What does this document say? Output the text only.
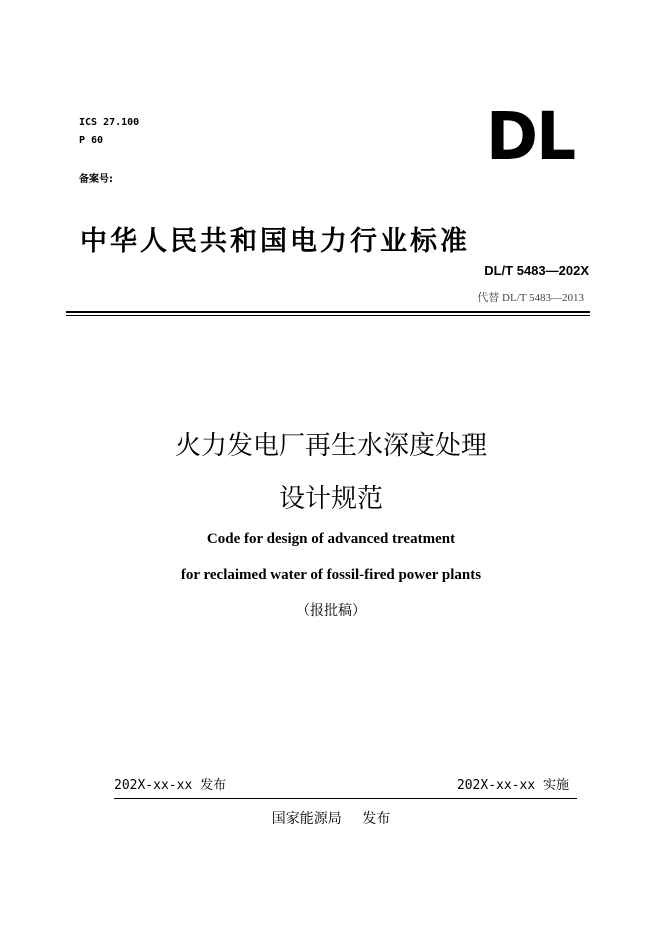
ICS 27.100
P 60
备案号:
DL
中华人民共和国电力行业标准
DL/T 5483—202X
代替 DL/T 5483—2013
火力发电厂再生水深度处理
设计规范
Code for design of advanced treatment
for reclaimed water of fossil-fired power plants
（报批稿）
202X-xx-xx 发布	202X-xx-xx 实施
国家能源局 发布
